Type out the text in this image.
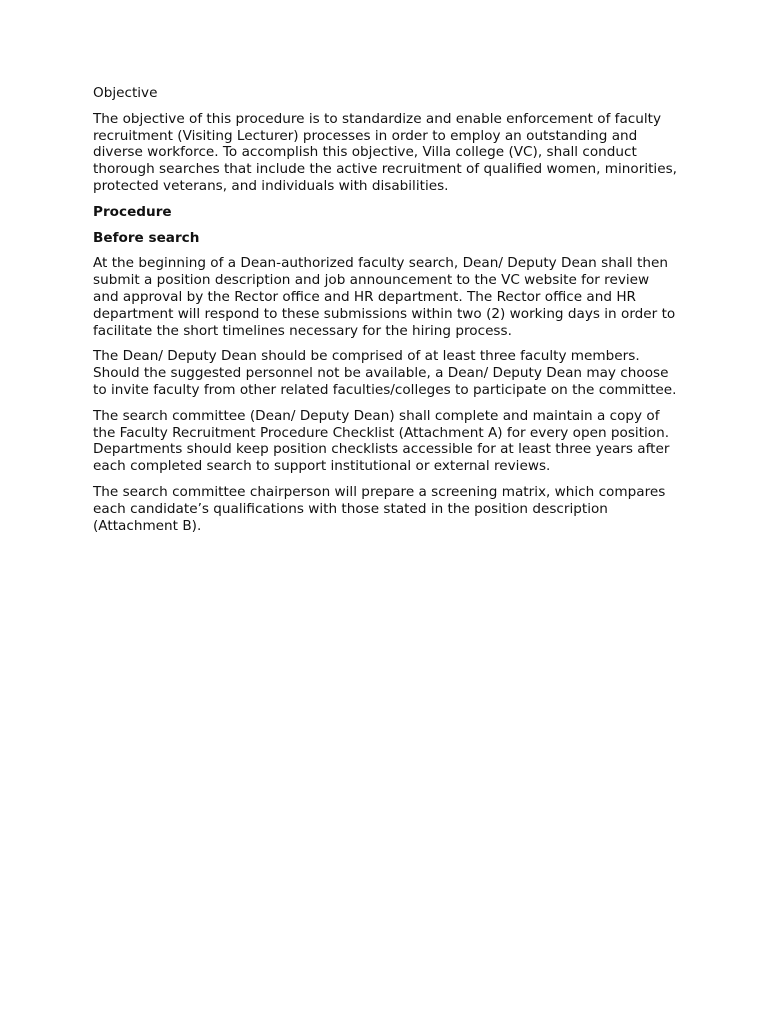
Objective

The objective of this procedure is to standardize and enable enforcement of faculty recruitment (Visiting Lecturer) processes in order to employ an outstanding and diverse workforce. To accomplish this objective, Villa college (VC), shall conduct thorough searches that include the active recruitment of qualified women, minorities, protected veterans, and individuals with disabilities.

Procedure

Before search

At the beginning of a Dean-authorized faculty search, Dean/ Deputy Dean shall then submit a position description and job announcement to the VC website for review and approval by the Rector office and HR department. The Rector office and HR department will respond to these submissions within two (2) working days in order to facilitate the short timelines necessary for the hiring process.

The Dean/ Deputy Dean should be comprised of at least three faculty members. Should the suggested personnel not be available, a Dean/ Deputy Dean may choose to invite faculty from other related faculties/colleges to participate on the committee.

The search committee (Dean/ Deputy Dean) shall complete and maintain a copy of the Faculty Recruitment Procedure Checklist (Attachment A) for every open position. Departments should keep position checklists accessible for at least three years after each completed search to support institutional or external reviews.

The search committee chairperson will prepare a screening matrix, which compares each candidate’s qualifications with those stated in the position description (Attachment B).
